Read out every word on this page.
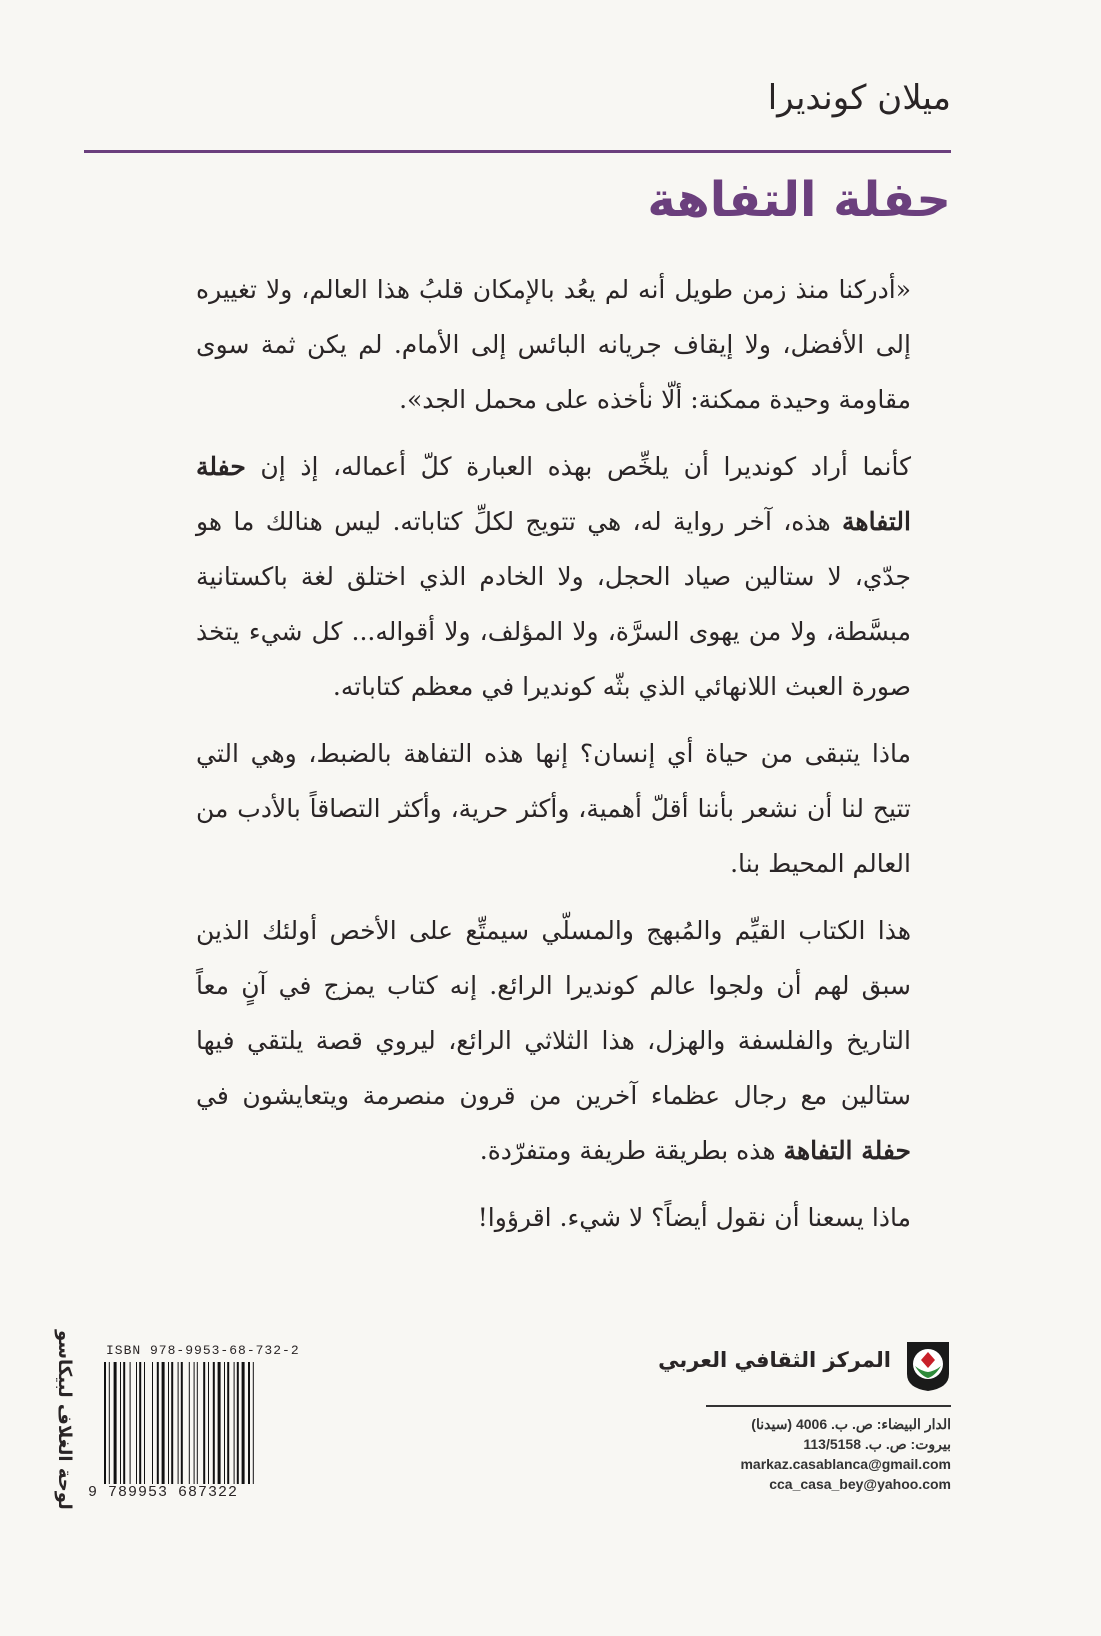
ميلان كونديرا
حفلة التفاهة

«أدركنا منذ زمن طويل أنه لم يعُد بالإمكان قلبُ هذا العالم، ولا تغييره إلى الأفضل، ولا إيقاف جريانه البائس إلى الأمام. لم يكن ثمة سوى مقاومة وحيدة ممكنة: ألّا نأخذه على محمل الجد».

كأنما أراد كونديرا أن يلخِّص بهذه العبارة كلّ أعماله، إذ إن حفلة التفاهة هذه، آخر رواية له، هي تتويج لكلِّ كتاباته. ليس هنالك ما هو جدّي، لا ستالين صياد الحجل، ولا الخادم الذي اختلق لغة باكستانية مبسَّطة، ولا من يهوى السرَّة، ولا المؤلف، ولا أقواله... كل شيء يتخذ صورة العبث اللانهائي الذي بثّه كونديرا في معظم كتاباته.

ماذا يتبقى من حياة أي إنسان؟ إنها هذه التفاهة بالضبط، وهي التي تتيح لنا أن نشعر بأننا أقلّ أهمية، وأكثر حرية، وأكثر التصاقاً بالأدب من العالم المحيط بنا.

هذا الكتاب القيِّم والمُبهج والمسلّي سيمتِّع على الأخص أولئك الذين سبق لهم أن ولجوا عالم كونديرا الرائع. إنه كتاب يمزج في آنٍ معاً التاريخ والفلسفة والهزل، هذا الثلاثي الرائع، ليروي قصة يلتقي فيها ستالين مع رجال عظماء آخرين من قرون منصرمة ويتعايشون في حفلة التفاهة هذه بطريقة طريفة ومتفرّدة.

ماذا يسعنا أن نقول أيضاً؟ لا شيء. اقرؤوا!

المركز الثقافي العربي
الدار البيضاء: ص. ب. 4006 (سيدنا)
بيروت: ص. ب. 113/5158
markaz.casablanca@gmail.com
cca_casa_bey@yahoo.com
ISBN 978-9953-68-732-2
9 789953 687322
لوحة الغلاف لبيكاسو
